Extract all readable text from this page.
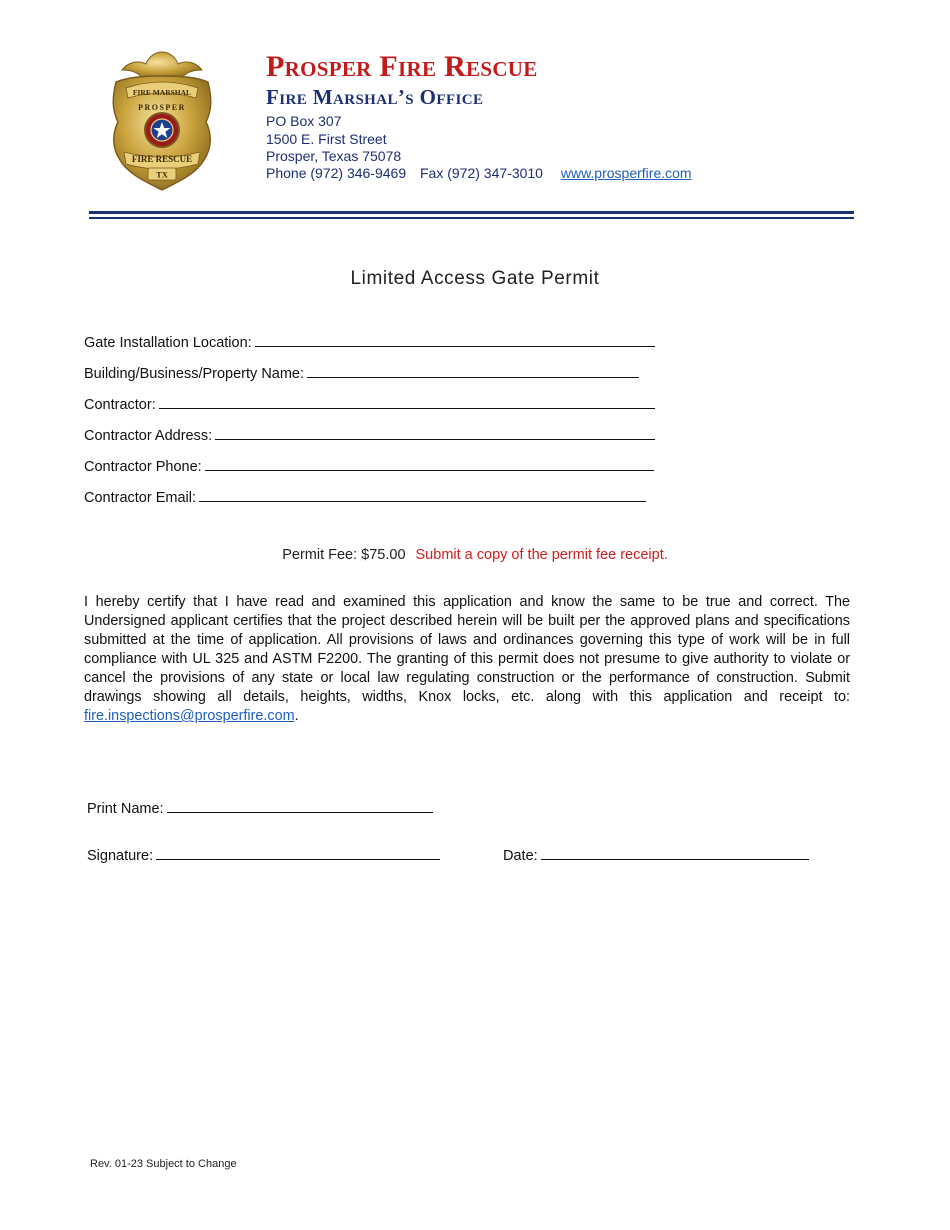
FIRE MARSHAL
PROSPER
FIRE RESCUE
TX
Prosper Fire Rescue
Fire Marshal’s Office
PO Box 307
1500 E. First Street
Prosper, Texas 75078
Phone (972) 346-9469 Fax (972) 347-3010 www.prosperfire.com
Limited Access Gate Permit
Gate Installation Location:
Building/Business/Property Name:
Contractor:
Contractor Address:
Contractor Phone:
Contractor Email:
Permit Fee: $75.00 Submit a copy of the permit fee receipt.
I hereby certify that I have read and examined this application and know the same to be true and correct. The Undersigned applicant certifies that the project described herein will be built per the approved plans and specifications submitted at the time of application. All provisions of laws and ordinances governing this type of work will be in full compliance with UL 325 and ASTM F2200. The granting of this permit does not presume to give authority to violate or cancel the provisions of any state or local law regulating construction or the performance of construction. Submit drawings showing all details, heights, widths, Knox locks, etc. along with this application and receipt to: fire.inspections@prosperfire.com.
Print Name:
Signature:	Date:
Rev. 01-23 Subject to Change
